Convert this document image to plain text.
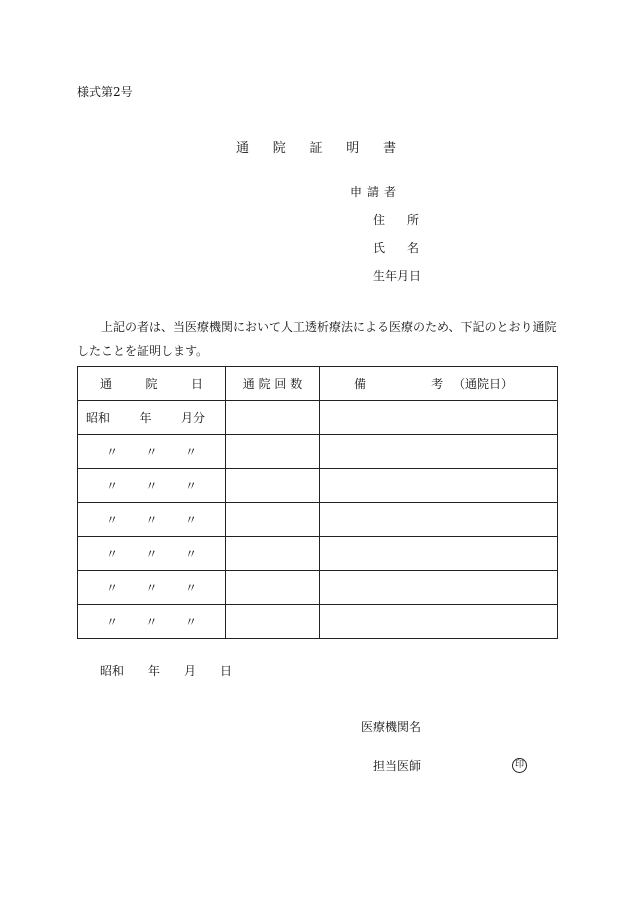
様式第2号
通 院 証 明 書
申 請 者
住 所
氏 名
生年月日
上記の者は、当医療機関において人工透析療法による医療のため、下記のとおり通院したことを証明します。
通 院 日	通 院 回 数	備 考 （通院日）

昭和 年 月分		

〃 〃 〃		

〃 〃 〃		

〃 〃 〃		

〃 〃 〃		

〃 〃 〃		

〃 〃 〃		

昭和 年 月 日
医療機関名
担当医師	印
